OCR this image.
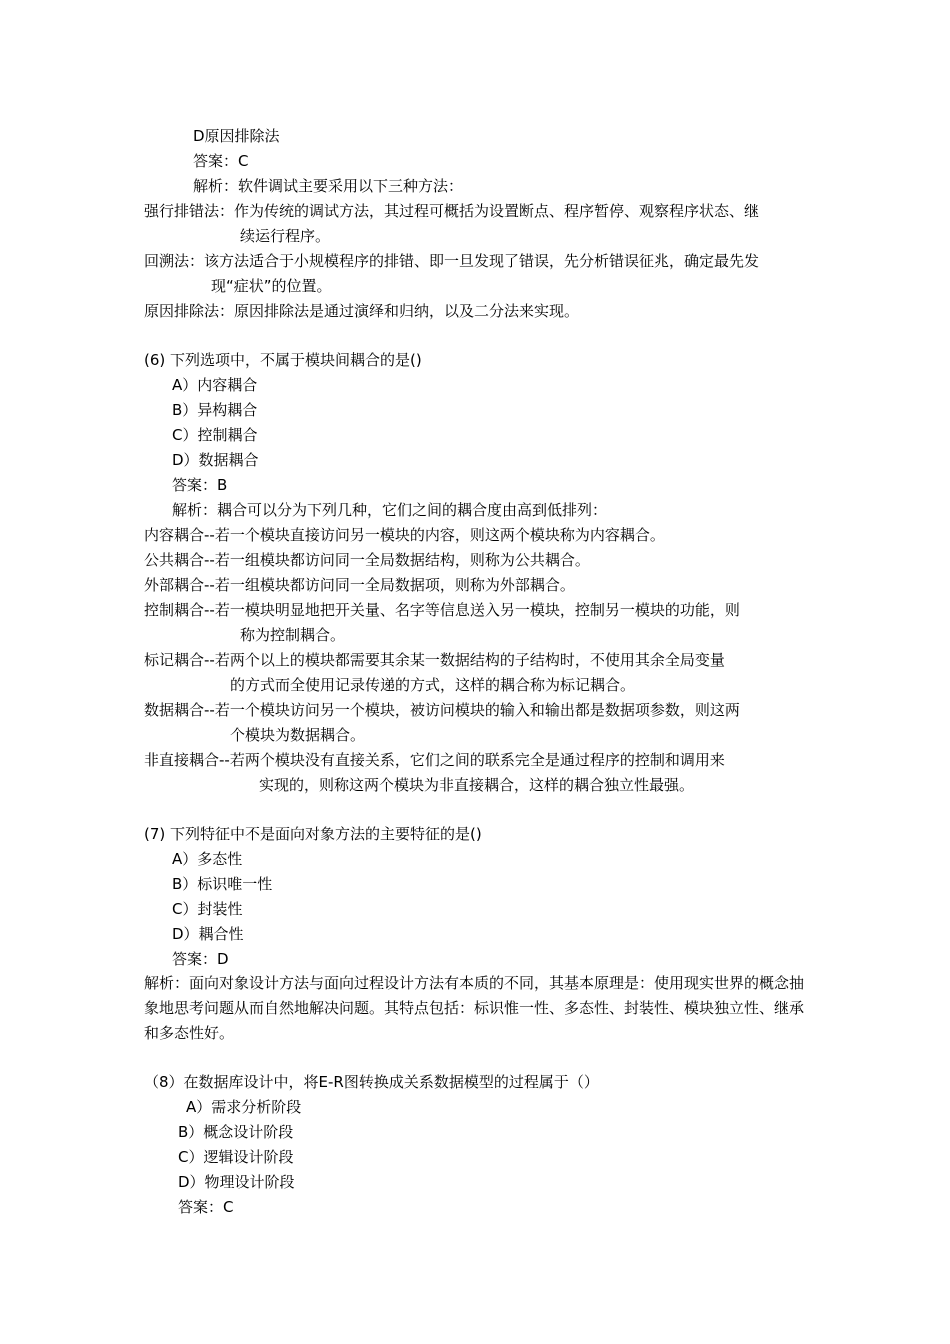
D原因排除法
答案：C
解析：软件调试主要采用以下三种方法：
强行排错法：作为传统的调试方法，其过程可概括为设置断点、程序暂停、观察程序状态、继
续运行程序。
回溯法：该方法适合于小规模程序的排错、即一旦发现了错误，先分析错误征兆，确定最先发
现“症状”的位置。
原因排除法：原因排除法是通过演绎和归纳，以及二分法来实现。
(6) 下列选项中，不属于模块间耦合的是()
A）内容耦合
B）异构耦合
C）控制耦合
D）数据耦合
答案：B
解析：耦合可以分为下列几种，它们之间的耦合度由高到低排列：
内容耦合--若一个模块直接访问另一模块的内容，则这两个模块称为内容耦合。
公共耦合--若一组模块都访问同一全局数据结构，则称为公共耦合。
外部耦合--若一组模块都访问同一全局数据项，则称为外部耦合。
控制耦合--若一模块明显地把开关量、名字等信息送入另一模块，控制另一模块的功能，则
称为控制耦合。
标记耦合--若两个以上的模块都需要其余某一数据结构的子结构时，不使用其余全局变量
的方式而全使用记录传递的方式，这样的耦合称为标记耦合。
数据耦合--若一个模块访问另一个模块，被访问模块的输入和输出都是数据项参数，则这两
个模块为数据耦合。
非直接耦合--若两个模块没有直接关系，它们之间的联系完全是通过程序的控制和调用来
实现的，则称这两个模块为非直接耦合，这样的耦合独立性最强。
(7) 下列特征中不是面向对象方法的主要特征的是()
A）多态性
B）标识唯一性
C）封装性
D）耦合性
答案：D
解析：面向对象设计方法与面向过程设计方法有本质的不同，其基本原理是：使用现实世界的概念抽象地思考问题从而自然地解决问题。其特点包括：标识惟一性、多态性、封装性、模块独立性、继承和多态性好。
（8）在数据库设计中，将E-R图转换成关系数据模型的过程属于（）
A）需求分析阶段
B）概念设计阶段
C）逻辑设计阶段
D）物理设计阶段
答案：C
